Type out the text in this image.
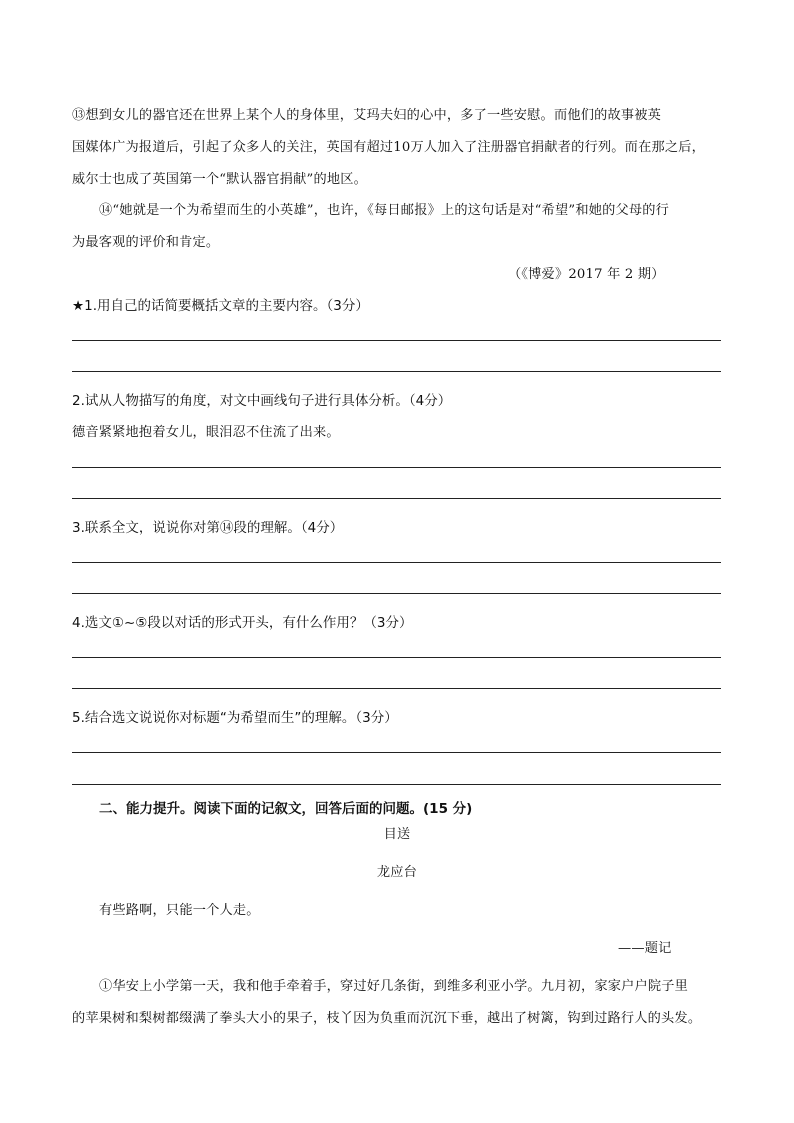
⑬想到女儿的器官还在世界上某个人的身体里，艾玛夫妇的心中，多了一些安慰。而他们的故事被英
国媒体广为报道后，引起了众多人的关注，英国有超过10万人加入了注册器官捐献者的行列。而在那之后，
威尔士也成了英国第一个“默认器官捐献”的地区。
⑭“她就是一个为希望而生的小英雄”，也许，《每日邮报》上的这句话是对“希望”和她的父母的行
为最客观的评价和肯定。
（《博爱》2017 年 2 期）
★1.用自己的话简要概括文章的主要内容。（3分）
2.试从人物描写的角度，对文中画线句子进行具体分析。（4分）
德音紧紧地抱着女儿，眼泪忍不住流了出来。
3.联系全文，说说你对第⑭段的理解。（4分）
4.选文①~⑤段以对话的形式开头，有什么作用？（3分）
5.结合选文说说你对标题“为希望而生”的理解。（3分）
二、能力提升。阅读下面的记叙文，回答后面的问题。(15 分)
目送
龙应台
有些路啊，只能一个人走。
——题记
①华安上小学第一天，我和他手牵着手，穿过好几条街，到维多利亚小学。九月初，家家户户院子里
的苹果树和梨树都缀满了拳头大小的果子，枝丫因为负重而沉沉下垂，越出了树篱，钩到过路行人的头发。
